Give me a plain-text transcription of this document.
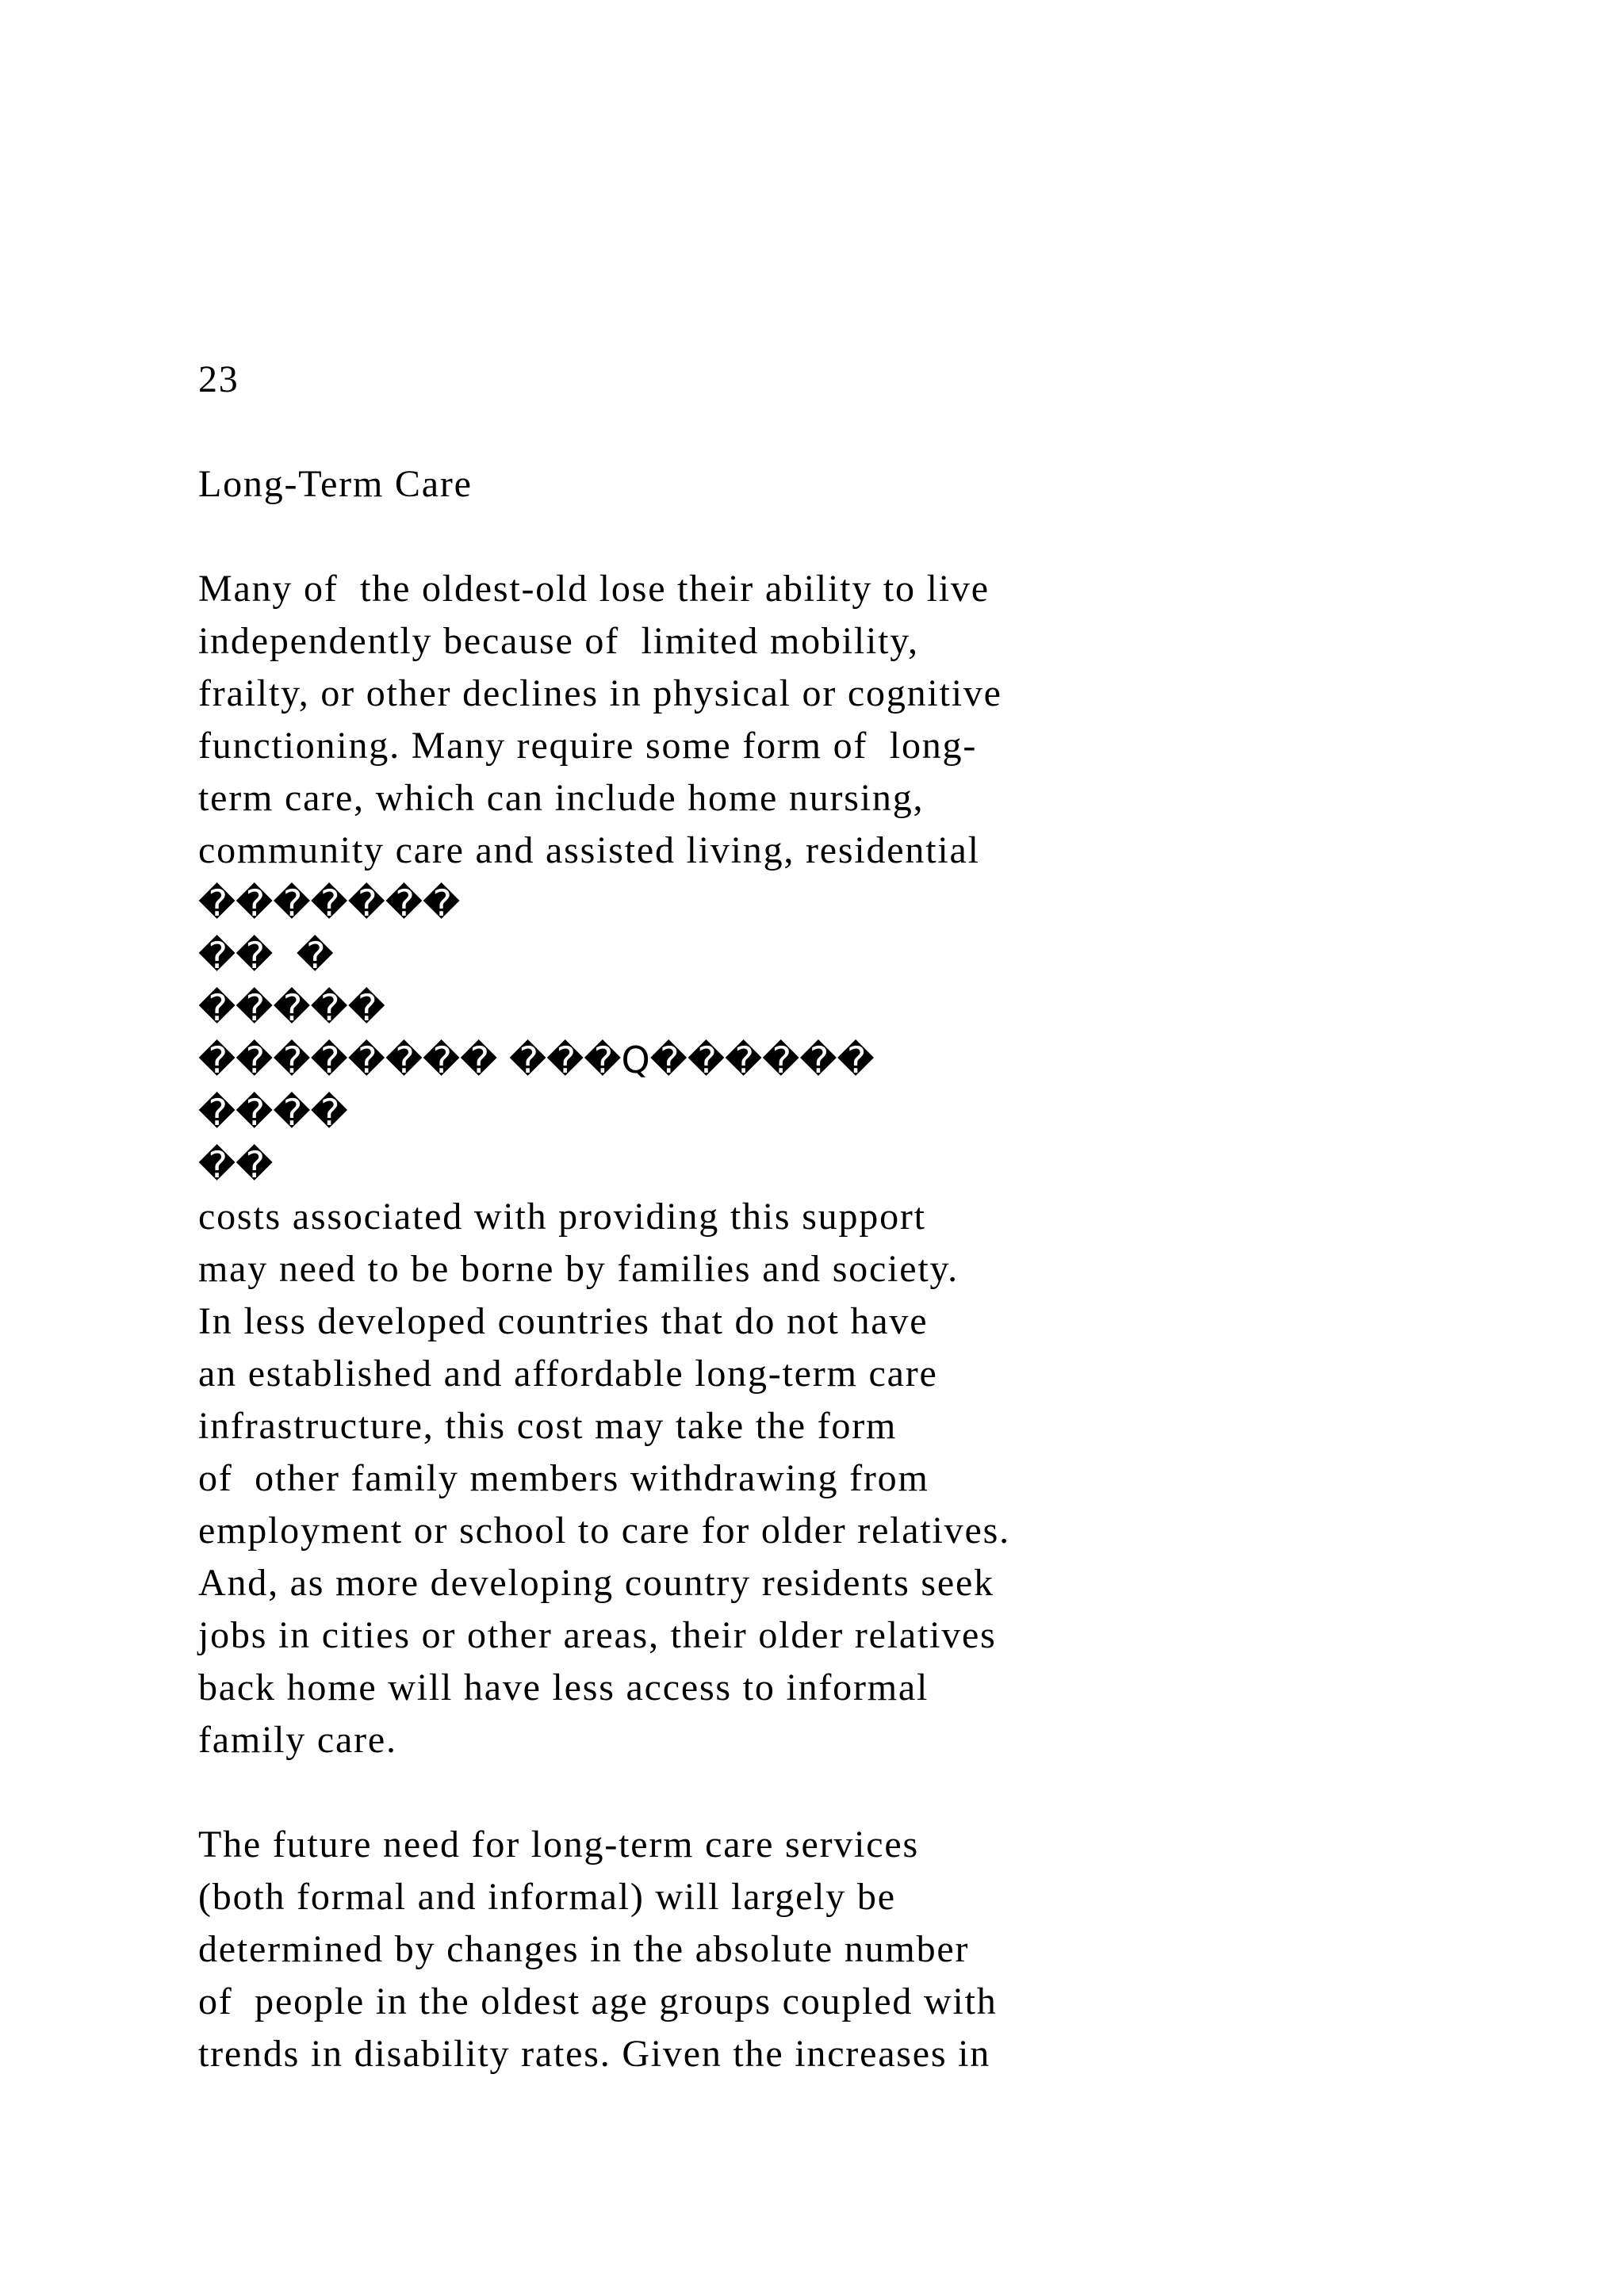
23
Long-Term Care
Many of  the oldest-old lose their ability to live
independently because of  limited mobility,
frailty, or other declines in physical or cognitive
functioning. Many require some form of  long-
term care, which can include home nursing,
community care and assisted living, residential
�������
��  �
�����
�������� ���Q������
����
��
costs associated with providing this support
may need to be borne by families and society.
In less developed countries that do not have
an established and affordable long-term care
infrastructure, this cost may take the form
of  other family members withdrawing from
employment or school to care for older relatives.
And, as more developing country residents seek
jobs in cities or other areas, their older relatives
back home will have less access to informal
family care.
The future need for long-term care services
(both formal and informal) will largely be
determined by changes in the absolute number
of  people in the oldest age groups coupled with
trends in disability rates. Given the increases in
